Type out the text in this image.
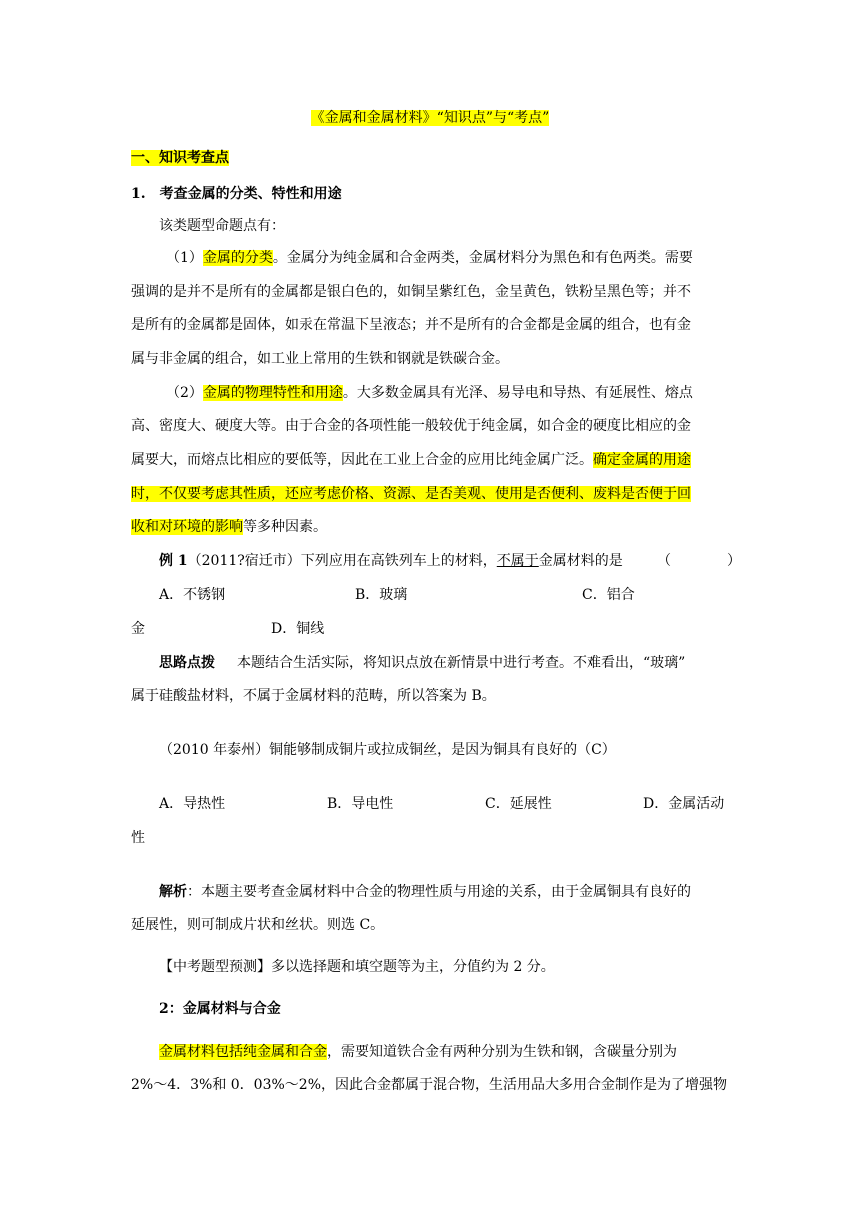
《金属和金属材料》“知识点”与“考点”
一、知识考查点
1.　考查金属的分类、特性和用途
该类题型命题点有：
（1）金属的分类。金属分为纯金属和合金两类，金属材料分为黑色和有色两类。需要
强调的是并不是所有的金属都是银白色的，如铜呈紫红色，金呈黄色，铁粉呈黑色等；并不
是所有的金属都是固体，如汞在常温下呈液态；并不是所有的合金都是金属的组合，也有金
属与非金属的组合，如工业上常用的生铁和钢就是铁碳合金。
（2）金属的物理特性和用途。大多数金属具有光泽、易导电和导热、有延展性、熔点
高、密度大、硬度大等。由于合金的各项性能一般较优于纯金属，如合金的硬度比相应的金
属要大，而熔点比相应的要低等，因此在工业上合金的应用比纯金属广泛。确定金属的用途
时，不仅要考虑其性质，还应考虑价格、资源、是否美观、使用是否便利、废料是否便于回
收和对环境的影响等多种因素。
例 1（2011?宿迁市）下列应用在高铁列车上的材料，不属于金属材料的是 （　　　　）
A．不锈钢	B．玻璃	C．铝合
金	D．铜线
思路点拨 本题结合生活实际，将知识点放在新情景中进行考查。不难看出，“玻璃”
属于硅酸盐材料，不属于金属材料的范畴，所以答案为 B。
（2010 年泰州）铜能够制成铜片或拉成铜丝，是因为铜具有良好的（C）
A．导热性	B．导电性	C．延展性	D．金属活动
性
解析：本题主要考查金属材料中合金的物理性质与用途的关系，由于金属铜具有良好的
延展性，则可制成片状和丝状。则选 C。
【中考题型预测】多以选择题和填空题等为主，分值约为 2 分。
2：金属材料与合金
金属材料包括纯金属和合金，需要知道铁合金有两种分别为生铁和钢，含碳量分别为
2%～4．3%和 0．03%～2%，因此合金都属于混合物，生活用品大多用合金制作是为了增强物
